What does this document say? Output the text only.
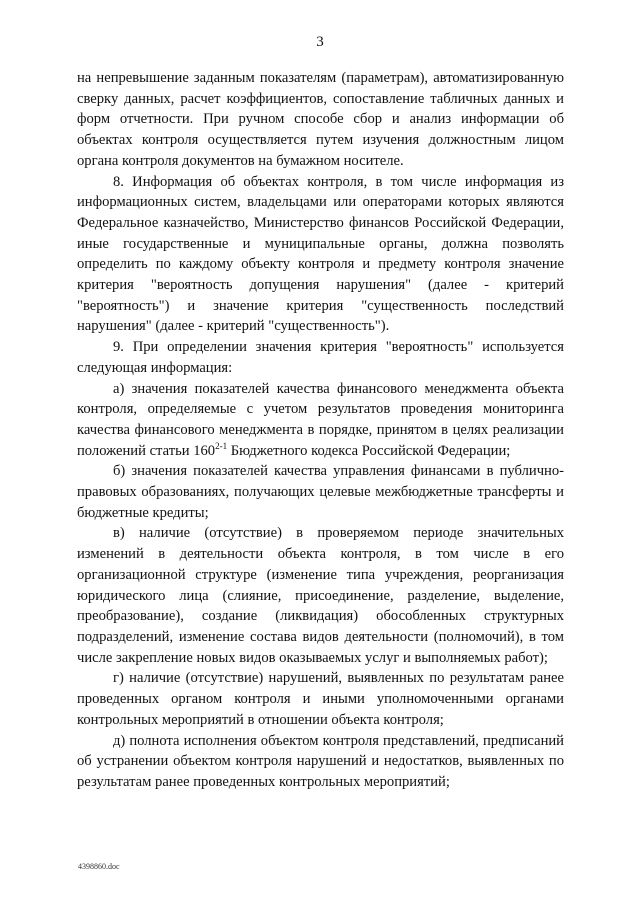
3

на непревышение заданным показателям (параметрам), автоматизированную сверку данных, расчет коэффициентов, сопоставление табличных данных и форм отчетности. При ручном способе сбор и анализ информации об объектах контроля осуществляется путем изучения должностным лицом органа контроля документов на бумажном носителе.

8. Информация об объектах контроля, в том числе информация из информационных систем, владельцами или операторами которых являются Федеральное казначейство, Министерство финансов Российской Федерации, иные государственные и муниципальные органы, должна позволять определить по каждому объекту контроля и предмету контроля значение критерия "вероятность допущения нарушения" (далее - критерий "вероятность") и значение критерия "существенность последствий нарушения" (далее - критерий "существенность").

9. При определении значения критерия "вероятность" используется следующая информация:

а) значения показателей качества финансового менеджмента объекта контроля, определяемые с учетом результатов проведения мониторинга качества финансового менеджмента в порядке, принятом в целях реализации положений статьи 160$^{2-1}$ Бюджетного кодекса Российской Федерации;

б) значения показателей качества управления финансами в публично-правовых образованиях, получающих целевые межбюджетные трансферты и бюджетные кредиты;

в) наличие (отсутствие) в проверяемом периоде значительных изменений в деятельности объекта контроля, в том числе в его организационной структуре (изменение типа учреждения, реорганизация юридического лица (слияние, присоединение, разделение, выделение, преобразование), создание (ликвидация) обособленных структурных подразделений, изменение состава видов деятельности (полномочий), в том числе закрепление новых видов оказываемых услуг и выполняемых работ);

г) наличие (отсутствие) нарушений, выявленных по результатам ранее проведенных органом контроля и иными уполномоченными органами контрольных мероприятий в отношении объекта контроля;

д) полнота исполнения объектом контроля представлений, предписаний об устранении объектом контроля нарушений и недостатков, выявленных по результатам ранее проведенных контрольных мероприятий;

4398860.doc
